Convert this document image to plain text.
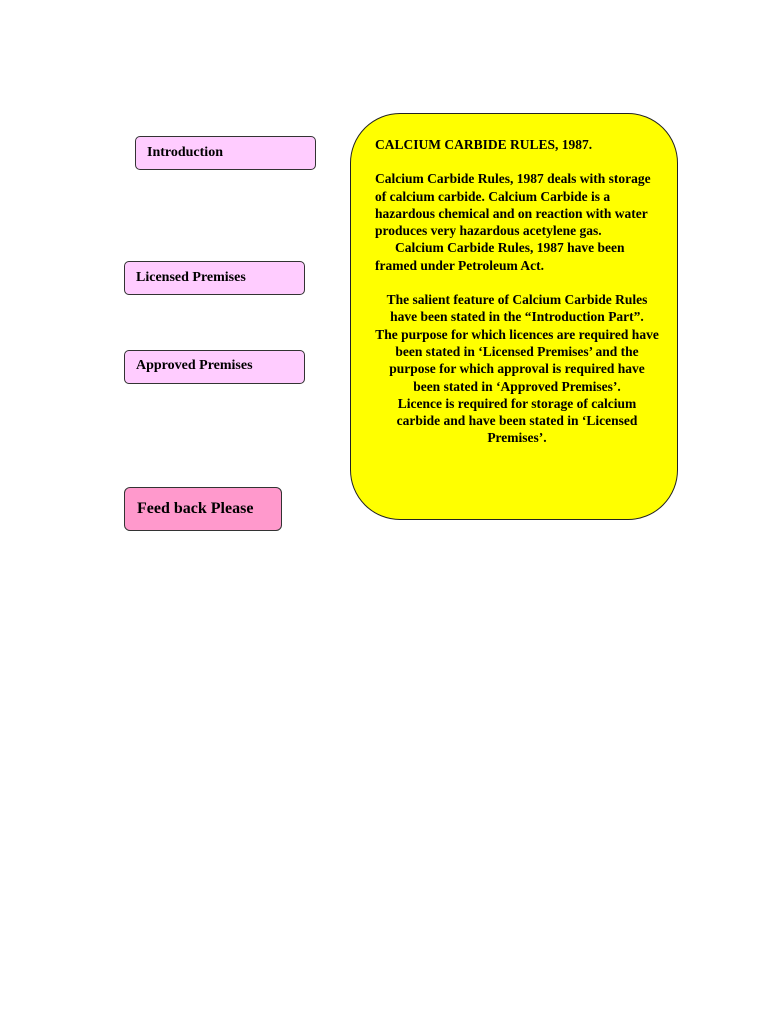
Introduction
Licensed Premises
Approved Premises
Feed back Please

CALCIUM CARBIDE RULES, 1987.

Calcium Carbide Rules, 1987 deals with storage of calcium carbide. Calcium Carbide is a hazardous chemical and on reaction with water produces very hazardous acetylene gas.

Calcium Carbide Rules, 1987 have been framed under Petroleum Act.

The salient feature of Calcium Carbide Rules have been stated in the “Introduction Part”.
The purpose for which licences are required have been stated in ‘Licensed Premises’ and the purpose for which approval is required have been stated in ‘Approved Premises’.
Licence is required for storage of calcium carbide and have been stated in ‘Licensed Premises’.
